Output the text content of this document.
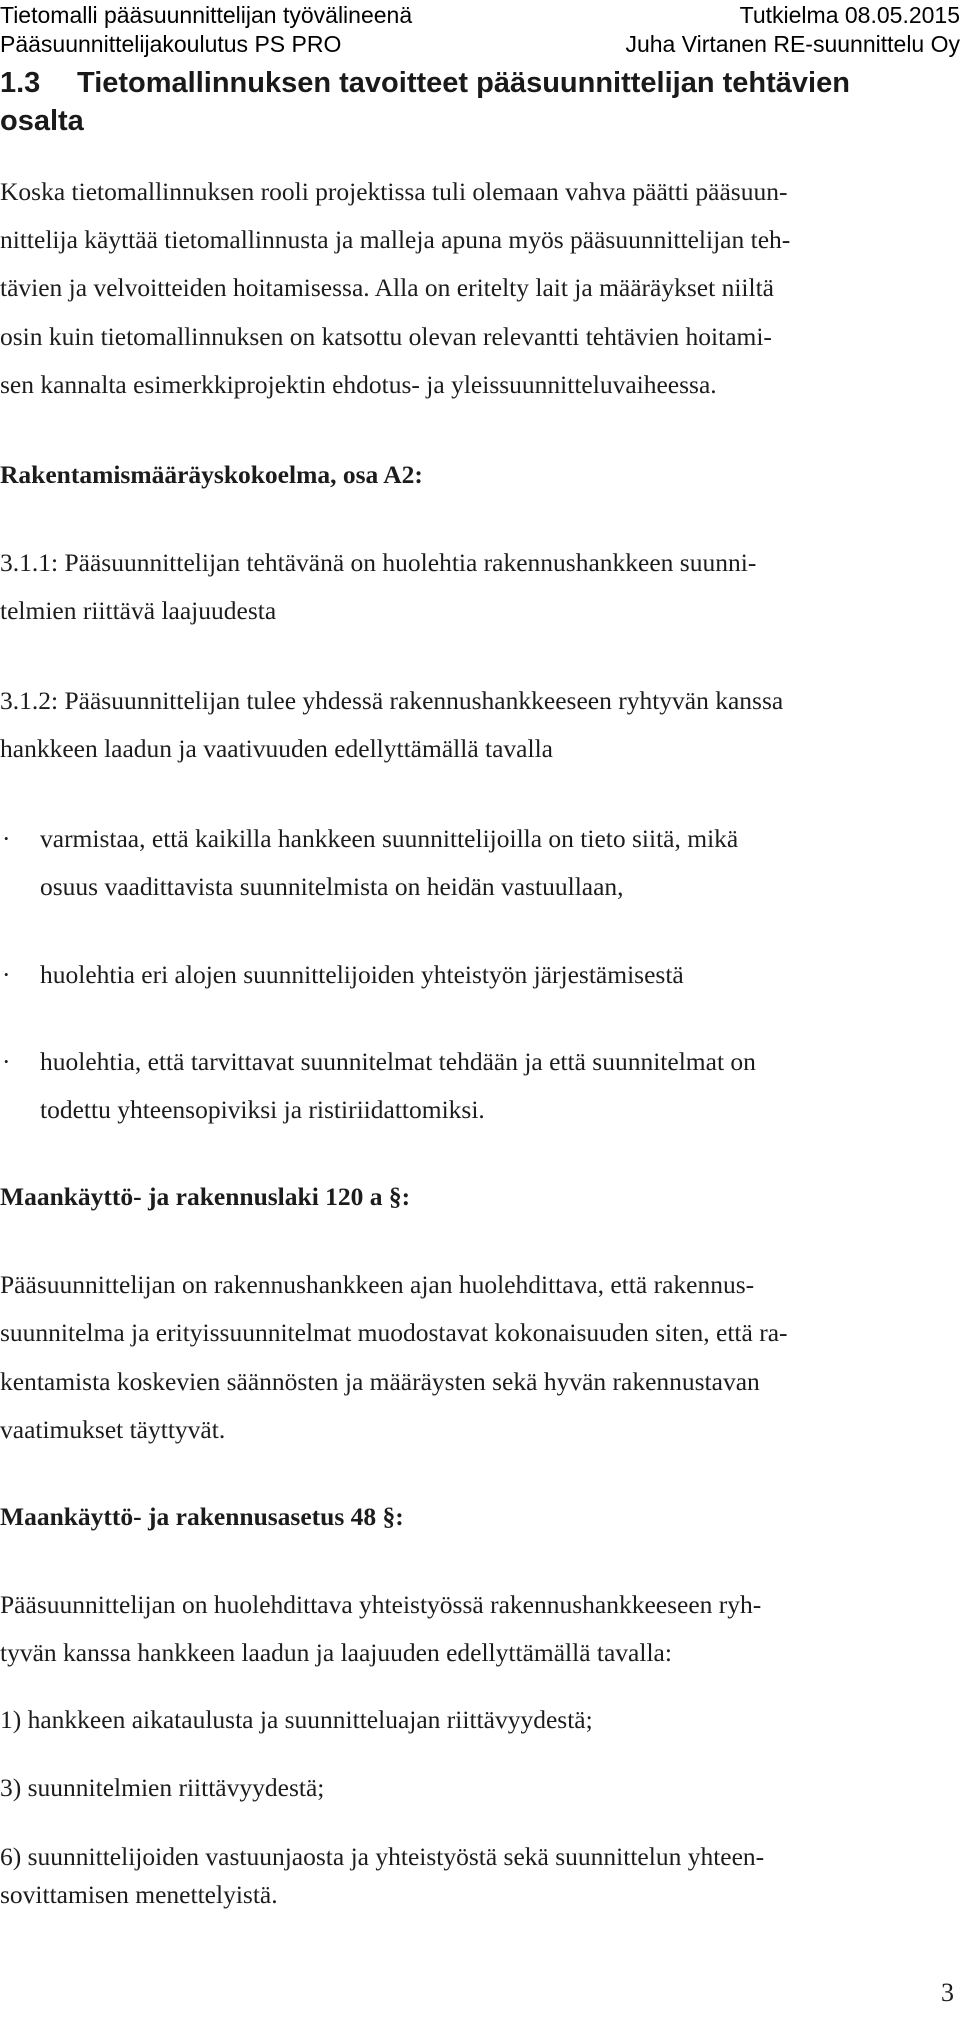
Tietomalli pääsuunnittelijan työvälineenä	Tutkielma 08.05.2015
Pääsuunnittelijakoulutus PS PRO	Juha Virtanen RE-suunnittelu Oy
1.3 Tietomallinnuksen tavoitteet pääsuunnittelijan tehtävien
osalta
Koska tietomallinnuksen rooli projektissa tuli olemaan vahva päätti pääsuun-
nittelija käyttää tietomallinnusta ja malleja apuna myös pääsuunnittelijan teh-
tävien ja velvoitteiden hoitamisessa. Alla on eritelty lait ja määräykset niiltä
osin kuin tietomallinnuksen on katsottu olevan relevantti tehtävien hoitami-
sen kannalta esimerkkiprojektin ehdotus- ja yleissuunnitteluvaiheessa.
Rakentamismääräyskokoelma, osa A2:
3.1.1: Pääsuunnittelijan tehtävänä on huolehtia rakennushankkeen suunni-
telmien riittävä laajuudesta
3.1.2: Pääsuunnittelijan tulee yhdessä rakennushankkeeseen ryhtyvän kanssa
hankkeen laadun ja vaativuuden edellyttämällä tavalla
· varmistaa, että kaikilla hankkeen suunnittelijoilla on tieto siitä, mikä
osuus vaadittavista suunnitelmista on heidän vastuullaan,
· huolehtia eri alojen suunnittelijoiden yhteistyön järjestämisestä
· huolehtia, että tarvittavat suunnitelmat tehdään ja että suunnitelmat on
todettu yhteensopiviksi ja ristiriidattomiksi.
Maankäyttö- ja rakennuslaki 120 a §:
Pääsuunnittelijan on rakennushankkeen ajan huolehdittava, että rakennus-
suunnitelma ja erityissuunnitelmat muodostavat kokonaisuuden siten, että ra-
kentamista koskevien säännösten ja määräysten sekä hyvän rakennustavan
vaatimukset täyttyvät.
Maankäyttö- ja rakennusasetus 48 §:
Pääsuunnittelijan on huolehdittava yhteistyössä rakennushankkeeseen ryh-
tyvän kanssa hankkeen laadun ja laajuuden edellyttämällä tavalla:
1) hankkeen aikataulusta ja suunnitteluajan riittävyydestä;
3) suunnitelmien riittävyydestä;
6) suunnittelijoiden vastuunjaosta ja yhteistyöstä sekä suunnittelun yhteen-
sovittamisen menettelyistä.
3
